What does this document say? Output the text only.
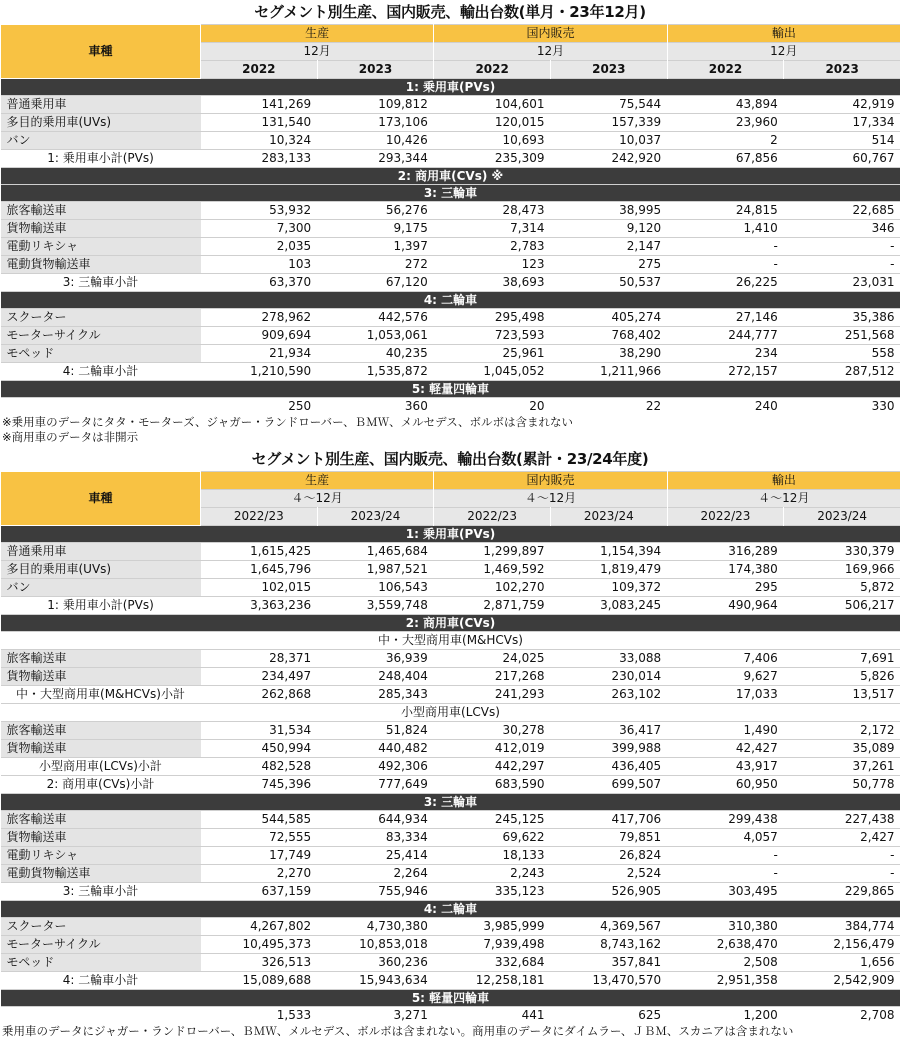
セグメント別生産、国内販売、輸出台数(単月・23年12月)
車種	生産		国内販売		輸出	
	12月		12月		12月	
	2022	2023	2022	2023	2022	2023
1: 乗用車(PVs)						
普通乗用車	141,269	109,812	104,601	75,544	43,894	42,919
多目的乗用車(UVs)	131,540	173,106	120,015	157,339	23,960	17,334
バン	10,324	10,426	10,693	10,037	2	514
1: 乗用車小計(PVs)	283,133	293,344	235,309	242,920	67,856	60,767
2: 商用車(CVs) ※						
3: 三輪車						
旅客輸送車	53,932	56,276	28,473	38,995	24,815	22,685
貨物輸送車	7,300	9,175	7,314	9,120	1,410	346
電動リキシャ	2,035	1,397	2,783	2,147	-	-
電動貨物輸送車	103	272	123	275	-	-
3: 三輪車小計	63,370	67,120	38,693	50,537	26,225	23,031
4: 二輪車						
スクーター	278,962	442,576	295,498	405,274	27,146	35,386
モーターサイクル	909,694	1,053,061	723,593	768,402	244,777	251,568
モペッド	21,934	40,235	25,961	38,290	234	558
4: 二輪車小計	1,210,590	1,535,872	1,045,052	1,211,966	272,157	287,512
5: 軽量四輪車						
	250	360	20	22	240	330
※乗用車のデータにタタ・モーターズ、ジャガー・ランドローバー、ＢＭＷ、メルセデス、ボルボは含まれない
※商用車のデータは非開示
セグメント別生産、国内販売、輸出台数(累計・23/24年度)
車種	生産		国内販売		輸出	
	４～12月		４～12月		４～12月	
	2022/23	2023/24	2022/23	2023/24	2022/23	2023/24
1: 乗用車(PVs)						
普通乗用車	1,615,425	1,465,684	1,299,897	1,154,394	316,289	330,379
多目的乗用車(UVs)	1,645,796	1,987,521	1,469,592	1,819,479	174,380	169,966
バン	102,015	106,543	102,270	109,372	295	5,872
1: 乗用車小計(PVs)	3,363,236	3,559,748	2,871,759	3,083,245	490,964	506,217
2: 商用車(CVs)						
中・大型商用車(M&HCVs)						
旅客輸送車	28,371	36,939	24,025	33,088	7,406	7,691
貨物輸送車	234,497	248,404	217,268	230,014	9,627	5,826
中・大型商用車(M&HCVs)小計	262,868	285,343	241,293	263,102	17,033	13,517
小型商用車(LCVs)						
旅客輸送車	31,534	51,824	30,278	36,417	1,490	2,172
貨物輸送車	450,994	440,482	412,019	399,988	42,427	35,089
小型商用車(LCVs)小計	482,528	492,306	442,297	436,405	43,917	37,261
2: 商用車(CVs)小計	745,396	777,649	683,590	699,507	60,950	50,778
3: 三輪車						
旅客輸送車	544,585	644,934	245,125	417,706	299,438	227,438
貨物輸送車	72,555	83,334	69,622	79,851	4,057	2,427
電動リキシャ	17,749	25,414	18,133	26,824	-	-
電動貨物輸送車	2,270	2,264	2,243	2,524	-	-
3: 三輪車小計	637,159	755,946	335,123	526,905	303,495	229,865
4: 二輪車						
スクーター	4,267,802	4,730,380	3,985,999	4,369,567	310,380	384,774
モーターサイクル	10,495,373	10,853,018	7,939,498	8,743,162	2,638,470	2,156,479
モペッド	326,513	360,236	332,684	357,841	2,508	1,656
4: 二輪車小計	15,089,688	15,943,634	12,258,181	13,470,570	2,951,358	2,542,909
5: 軽量四輪車						
	1,533	3,271	441	625	1,200	2,708
乗用車のデータにジャガー・ランドローバー、ＢＭＷ、メルセデス、ボルボは含まれない。商用車のデータにダイムラー、ＪＢＭ、スカニアは含まれない
